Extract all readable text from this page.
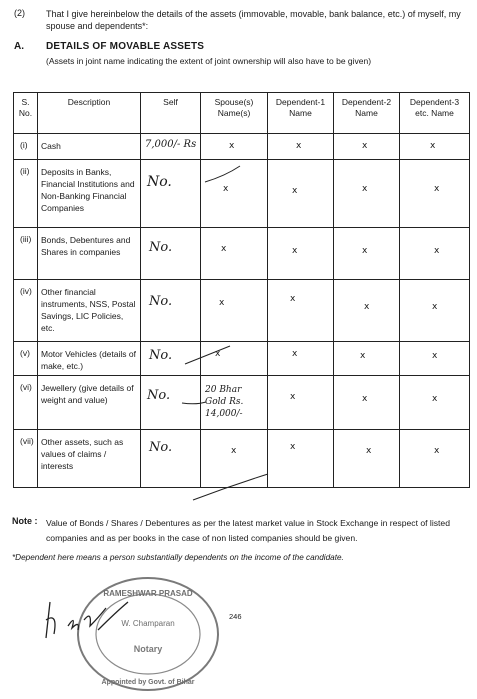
(2) That I give hereinbelow the details of the assets (immovable, movable, bank balance, etc.) of myself, my spouse and dependents*:
A. DETAILS OF MOVABLE ASSETS
(Assets in joint name indicating the extent of joint ownership will also have to be given)
S. No.	Description	Self	Spouse(s) Name(s)	Dependent-1 Name	Dependent-2 Name	Dependent-3 etc. Name
(i)	Cash	7,000/- Rs	x	x	x	x

(ii)	Deposits in Banks, Financial Institutions and Non-Banking Financial Companies	No.	x	x	x	x

(iii)	Bonds, Debentures and Shares in companies	No.	x	x	x	x

(iv)	Other financial instruments, NSS, Postal Savings, LIC Policies, etc.	No.	x	x	x	x

(v)	Motor Vehicles (details of make, etc.)	No.	x	x	x	x

(vi)	Jewellery (give details of weight and value)	No.	20 Bhar Gold Rs. 14,000/-	x	x	x

(vii)	Other assets, such as values of claims / interests	No.	x	x	x	x
Note : Value of Bonds / Shares / Debentures as per the latest market value in Stock Exchange in respect of listed companies and as per books in the case of non listed companies should be given.
*Dependent here means a person substantially dependents on the income of the candidate.
RAMESHWAR PRASAD
W. Champaran
Notary
Appointed by Govt. of Bihar
246
